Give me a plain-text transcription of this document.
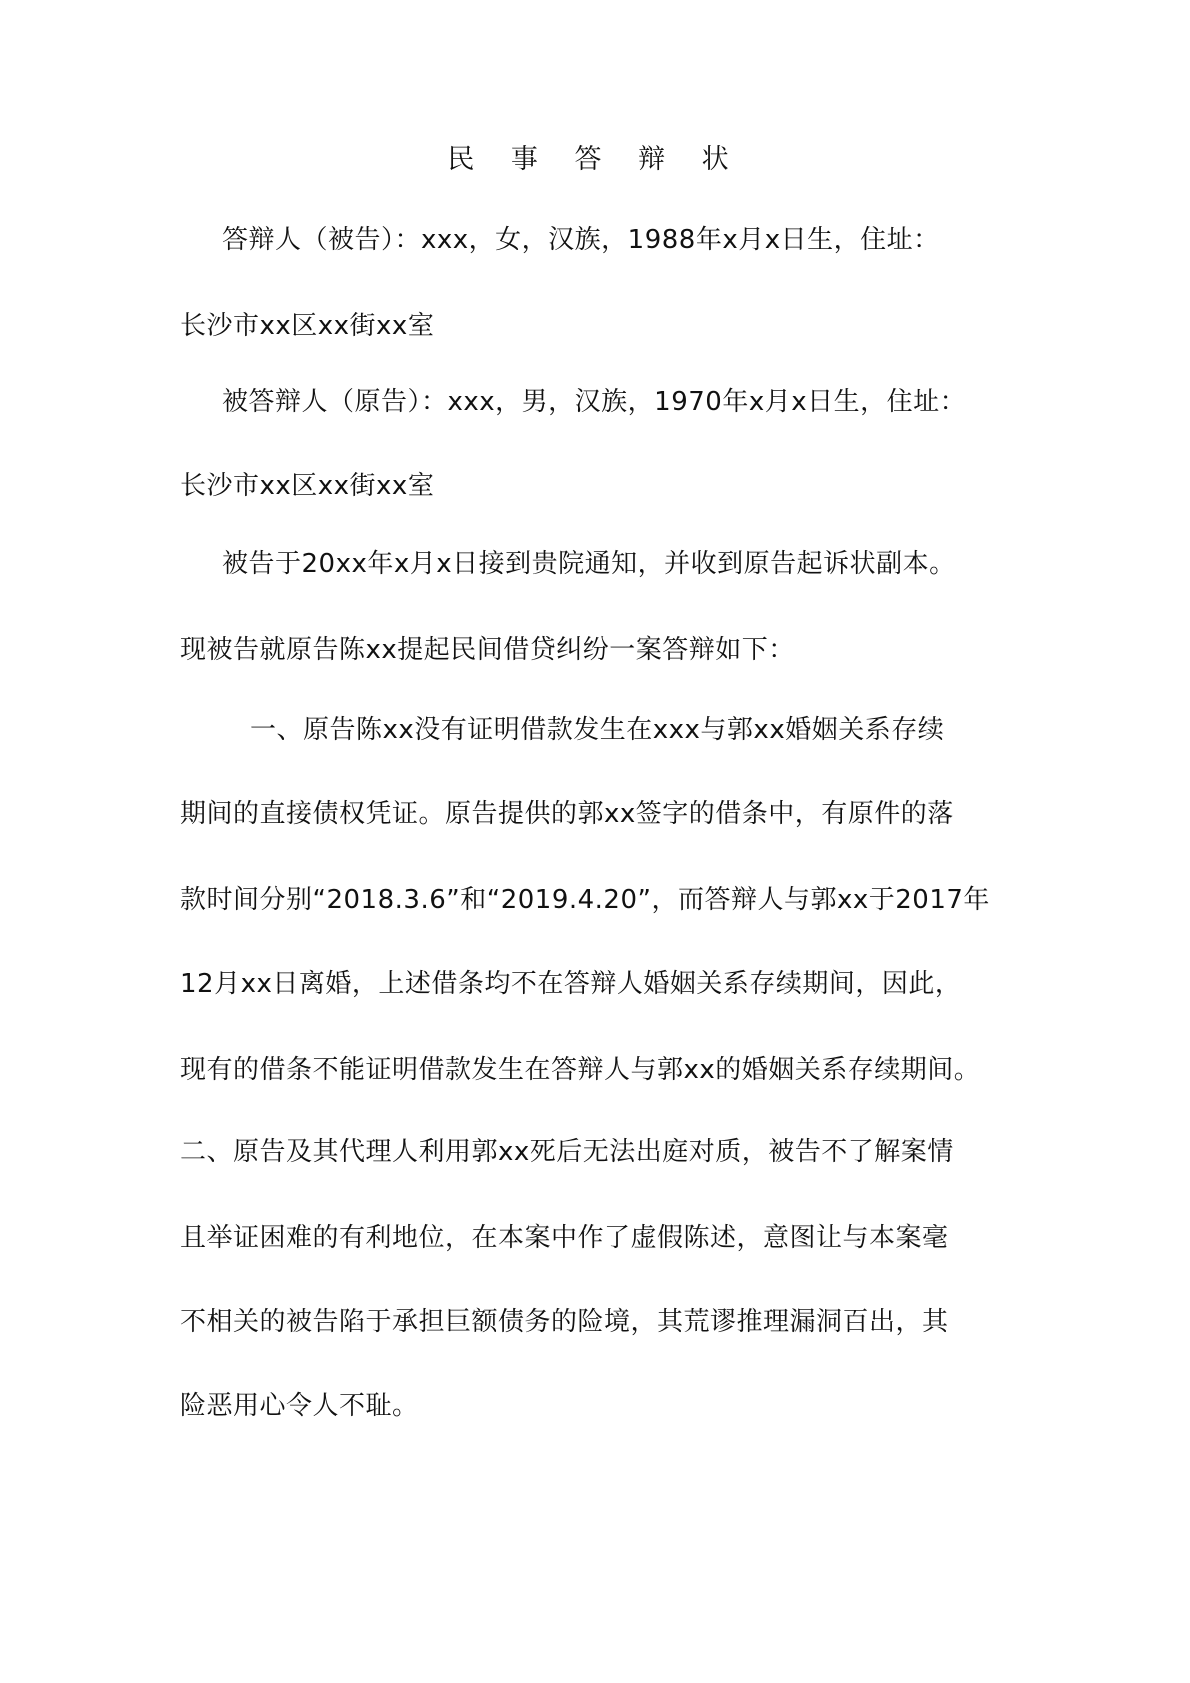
民 事 答 辩 状
答辩人（被告）：xxx，女，汉族，1988年x月x日生，住址：
长沙市xx区xx街xx室
被答辩人（原告）：xxx，男，汉族，1970年x月x日生，住址：
长沙市xx区xx街xx室
被告于20xx年x月x日接到贵院通知，并收到原告起诉状副本。
现被告就原告陈xx提起民间借贷纠纷一案答辩如下：
一、原告陈xx没有证明借款发生在xxx与郭xx婚姻关系存续
期间的直接债权凭证。原告提供的郭xx签字的借条中，有原件的落
款时间分别“2018.3.6”和“2019.4.20”，而答辩人与郭xx于2017年
12月xx日离婚，上述借条均不在答辩人婚姻关系存续期间，因此，
现有的借条不能证明借款发生在答辩人与郭xx的婚姻关系存续期间。
二、原告及其代理人利用郭xx死后无法出庭对质，被告不了解案情
且举证困难的有利地位，在本案中作了虚假陈述，意图让与本案毫
不相关的被告陷于承担巨额债务的险境，其荒谬推理漏洞百出，其
险恶用心令人不耻。
